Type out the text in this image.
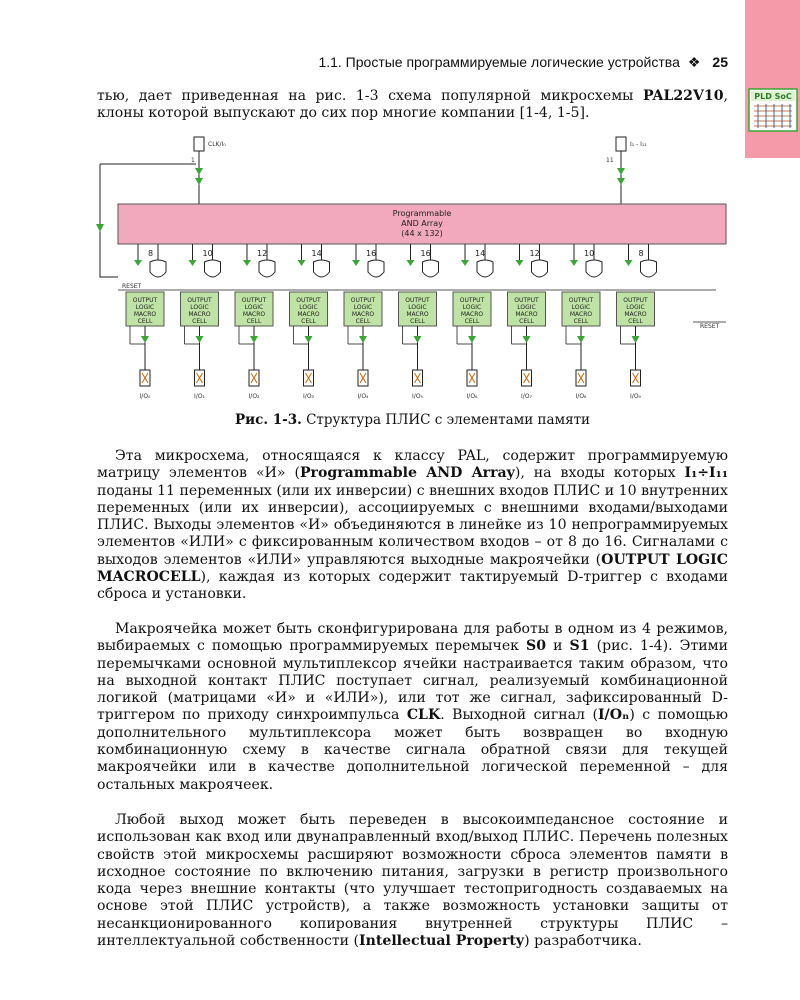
1.1. Простые программируемые логические устройства ❖ 25
PLD SoC
тью, дает приведенная на рис. 1-3 схема популярной микросхемы PAL22V10, клоны которой выпускают до сих пор многие компании [1-4, 1-5].
CLK/I₀
1
I₁ - I₁₁
11
Programmable
AND Array
(44 x 132)
RESET
RESET
8
OUTPUT
LOGIC
MACRO
CELL
I/O₀
10
OUTPUT
LOGIC
MACRO
CELL
I/O₁
12
OUTPUT
LOGIC
MACRO
CELL
I/O₂
14
OUTPUT
LOGIC
MACRO
CELL
I/O₃
16
OUTPUT
LOGIC
MACRO
CELL
I/O₄
16
OUTPUT
LOGIC
MACRO
CELL
I/O₅
14
OUTPUT
LOGIC
MACRO
CELL
I/O₆
12
OUTPUT
LOGIC
MACRO
CELL
I/O₇
10
OUTPUT
LOGIC
MACRO
CELL
I/O₈
8
OUTPUT
LOGIC
MACRO
CELL
I/O₉
Рис. 1-3. Структура ПЛИС с элементами памяти
Эта микросхема, относящаяся к классу PAL, содержит программируемую матрицу элементов «И» (Programmable AND Array), на входы которых I₁÷I₁₁ поданы 11 переменных (или их инверсии) с внешних входов ПЛИС и 10 внутренних переменных (или их инверсии), ассоциируемых с внешними входами/выходами ПЛИС. Выходы элементов «И» объединяются в линейке из 10 непрограммируемых элементов «ИЛИ» с фиксированным количеством входов – от 8 до 16. Сигналами с выходов элементов «ИЛИ» управляются выходные макроячейки (OUTPUT LOGIC MACROCELL), каждая из которых содержит тактируемый D-триггер с входами сброса и установки.
Макроячейка может быть сконфигурирована для работы в одном из 4 режимов, выбираемых с помощью программируемых перемычек S0 и S1 (рис. 1-4). Этими перемычками основной мультиплексор ячейки настраивается таким образом, что на выходной контакт ПЛИС поступает сигнал, реализуемый комбинационной логикой (матрицами «И» и «ИЛИ»), или тот же сигнал, зафиксированный D-триггером по приходу синхроимпульса CLK. Выходной сигнал (I/Oₙ) с помощью дополнительного мультиплексора может быть возвращен во входную комбинационную схему в качестве сигнала обратной связи для текущей макроячейки или в качестве дополнительной логической переменной – для остальных макроячеек.
Любой выход может быть переведен в высокоимпедансное состояние и использован как вход или двунаправленный вход/выход ПЛИС. Перечень полезных свойств этой микросхемы расширяют возможности сброса элементов памяти в исходное состояние по включению питания, загрузки в регистр произвольного кода через внешние контакты (что улучшает тестопригодность создаваемых на основе этой ПЛИС устройств), а также возможность установки защиты от несанкционированного копирования внутренней структуры ПЛИС – интеллектуальной собственности (Intellectual Property) разработчика.
